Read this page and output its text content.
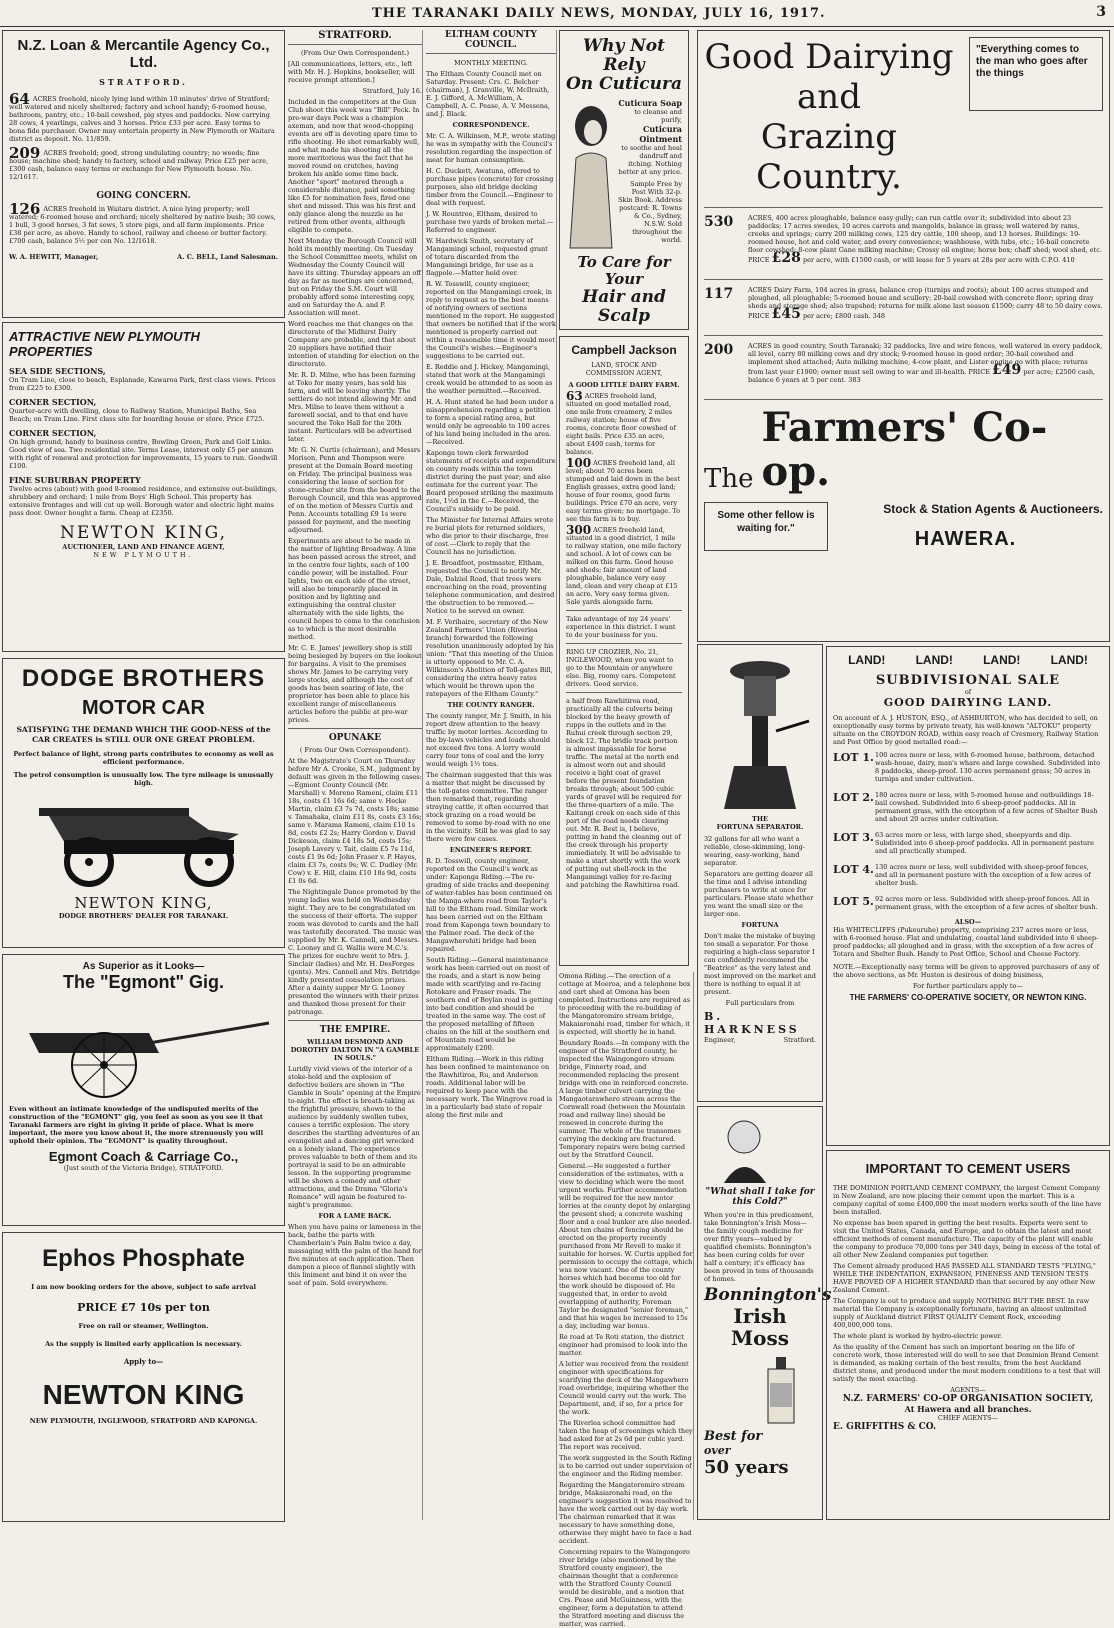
THE TARANAKI DAILY NEWS, MONDAY, JULY 16, 1917.	3
N.Z. Loan & Mercantile Agency Co., Ltd.
STRATFORD.

64 ACRES freehold, nicely lying land within 10 minutes' drive of Stratford; well watered and nicely sheltered; factory and school handy; 6-roomed house, bathroom, pantry, etc.; 10-bail cowshed, pig styes and paddocks. Now carrying 28 cows, 4 yearlings, calves and 3 horses. Price £33 per acre. Easy terms to bona fide purchaser. Owner may entertain property in New Plymouth or Waitara district as deposit. No. 11/859.

209 ACRES freehold; good, strong undulating country; no weeds; fine house; machine shed; handy to factory, school and railway. Price £25 per acre, £300 cash, balance easy terms or exchange for New Plymouth house. No. 12/1617.

GOING CONCERN.

126 ACRES freehold in Waitara district. A nice lying property; well watered; 6-roomed house and orchard; nicely sheltered by native bush; 30 cows, 1 bull, 3 good horses, 3 fat sows, 5 store pigs, and all farm implements. Price £38 per acre, as above. Handy to school, railway and cheese or butter factory. £700 cash, balance 5½ per cen No. 12/1618.

W. A. HEWITT, Manager,	A. C. BELL, Land Salesman.
ATTRACTIVE NEW PLYMOUTH PROPERTIES
SEA SIDE SECTIONS,

On Tram Line, close to beach, Esplanade, Kawaroa Park, first class views. Prices from £225 to £300.

CORNER SECTION,

Quarter-acre with dwelling, close to Railway Station, Municipal Baths, Sea Beach; on Tram Line. First class site for boarding house or store. Price £725.

CORNER SECTION,

On high ground, handy to business centre, Bowling Green, Park and Golf Links. Good view of sea. Two residential site. Terms Lease, interest only £5 per annum with right of renewal and protection for improvements, 15 years to run. Goodwill £100.

FINE SUBURBAN PROPERTY

Twelve acres (about) with good 8-roomed residence, and extensive out-buildings, shrubbery and orchard; 1 mile from Boys' High School. This property has extensive frontages and will cut up well. Borough water and electric light mains pass door. Owner bought a farm. Cheap at £2350.

NEWTON KING,
AUCTIONEER, LAND AND FINANCE AGENT,
NEW PLYMOUTH.
DODGE BROTHERS
MOTOR CAR

SATISFYING THE DEMAND WHICH THE GOOD-NESS of the CAR CREATES is STILL OUR ONE GREAT PROBLEM.

Perfect balance of light, strong parts contributes to economy as well as efficient performance.

The petrol consumption is unusually low. The tyre mileage is unusually high.

NEWTON KING,
DODGE BROTHERS' DEALER FOR TARANAKI.
As Superior as it Looks—
The "Egmont" Gig.

Even without an intimate knowledge of the undisputed merits of the construction of the "EGMONT" gig, you feel as soon as you see it that Taranaki farmers are right in giving it pride of place. What is more important, the more you know about it, the more strenuously you will uphold their opinion. The "EGMONT" is quality throughout.

Egmont Coach & Carriage Co.,
(Just south of the Victoria Bridge), STRATFORD.
Ephos Phosphate

I am now booking orders for the above, subject to safe arrival

PRICE £7 10s per ton

Free on rail or steamer, Wellington.

As the supply is limited early application is necessary.

Apply to—

NEWTON KING
NEW PLYMOUTH, INGLEWOOD, STRATFORD AND KAPONGA.
STRATFORD.

(From Our Own Correspondent.)

[All communications, letters, etc., left with Mr. H. J. Hopkins, bookseller, will receive prompt attention.]

Stratford, July 16.

Included in the competitors at the Gun Club shoot this week was "Bill" Peck. In pre-war days Peck was a champion axeman, and now that wood-chopping events are off is devoting spare time to rifle shooting. He shot remarkably well, and what made his shooting all the more meritorious was the fact that he moved round on crutches, having broken his ankle some time back. Another "sport" motored through a considerable distance, paid something like £5 for nomination fees, fired one shot and missed. This was his first and only glance along the muzzle as he retired from other events, although eligible to compete.

Next Monday the Borough Council will hold its monthly meeting. On Tuesday the School Committee meets, whilst on Wednesday the County Council will have its sitting. Thursday appears an off day as far as meetings are concerned, but on Friday the S.M. Court will probably afford some interesting copy, and on Saturday the A. and P. Association will meet.

Word reaches me that changes on the directorate of the Midhirst Dairy Company are probable, and that about 20 suppliers have notified their intention of standing for election on the directorate.

Mr. R. D. Milne, who has been farming at Toko for many years, has sold his farm, and will be leaving shortly. The settlers do not intend allowing Mr. and Mrs. Milne to leave them without a farewell social, and to that end have secured the Toko Hall for the 20th instant. Particulars will be advertised later.

Mr. G. N. Curtis (chairman), and Messrs Morison, Penn and Thompson were present at the Domain Board meeting on Friday. The principal business was considering the lease of section for stone-crusher site from the board to the Borough Council, and this was approved of on the motion of Messrs Curtis and Penn. Accounts totalling £9 1s were passed for payment, and the meeting adjourned.

Experiments are about to be made in the matter of lighting Broadway. A line has been passed across the street, and in the centre four lights, each of 100 candle power, will be installed. Four lights, two on each side of the street, will also be temporarily placed in position and by lighting and extinguishing the central cluster alternately with the side lights, the council hopes to come to the conclusion as to which is the most desirable method.

Mr. C. E. James' jewellery shop is still being besieged by buyers on the lookout for bargains. A visit to the premises shows Mr. James to be carrying very large stocks, and although the cost of goods has been soaring of late, the proprietor has been able to place his excellent range of miscellaneous articles before the public at pre-war prices.

OPUNAKE

( From Our Own Correspondent).

At the Magistrate's Court on Thursday before Mr A. Crooke, S.M., judgment by default was given in the following cases:—Egmont County Council (Mr. Marshall) v. Moreno Rameni, claim £11 18s, costs £1 16s 6d; same v. Hecke Martin, claim £3 7s 7d, costs 18s; same v. Tamahaka, claim £11 8s, costs £3 16s; same v. Marama Rameni, claim £10 1s 8d, costs £2 2s; Harry Gordon v. David Dickeson, claim £4 18s 5d, costs 15s; Joseph Lavery v. Tait, claim £5 7s 11d, costs £1 9s 6d; John Fraser v. P. Hayes, claim £3 7s, costs 9s; W. C. Dudley (Mr. Cow) v. E. Hill, claim £10 18s 9d, costs £1 0s 6d.

The Nightingale Dance promoted by the young ladies was held on Wednesday night. They are to be congratulated on the success of their efforts. The supper room was devoted to cards and the hall was tastefully decorated. The music was supplied by Mr. K. Cannell, and Messrs. C. Looney and G. Wallis were M.C.'s. The prizes for euchre went to Mrs. J. Sinclair (ladies) and Mr. H. DesForges (gents). Mrs. Cannell and Mrs. Betridge kindly presented consolation prizes. After a dainty supper Mr G. Looney presented the winners with their prizes and thanked those present for their patronage.

THE EMPIRE.

WILLIAM DESMOND AND DOROTHY DALTON IN "A GAMBLE IN SOULS."

Luridly vivid views of the interior of a stoke-hold and the explosion of defective boilers are shown in "The Gamble in Souls" opening at the Empire to-night. The effect is breath-taking as the frightful pressure, shown to the audience by suddenly swollen tubes, causes a terrific explosion. The story describes the startling adventures of an evangelist and a dancing girl wrecked on a lonely island. The experience proves valuable to both of them and its portrayal is said to be an admirable lesson. In the supporting programme will be shown a comedy and other attractions, and the Drama "Gloria's Romance" will again be featured to-night's programme.

FOR A LAME BACK.

When you have pains or lameness in the back, bathe the parts with Chamberlain's Pain Balm twice a day, massaging with the palm of the hand for five minutes at each application. Then dampen a piece of flannel slightly with this liniment and bind it on over the seat of pain. Sold everywhere.

ELTHAM COUNTY COUNCIL.

MONTHLY MEETING.

The Eltham County Council met on Saturday. Present: Crs. C. Belcher (chairman), J. Granville, W. McIlraith, E. J. Gifford, A. McWilliam, A. Campbell, A. C. Pease, A. V. Messena, and J. Black.

CORRESPONDENCE.

Mr. C. A. Wilkinson, M.P., wrote stating he was in sympathy with the Council's resolution regarding the inspection of meat for human consumption.

H. C. Duckett, Awatuna, offered to purchase pipes (concrete) for crossing purposes, also old bridge decking timber from the Council.—Engineer to deal with request.

J. W. Rountree, Eltham, desired to purchase two yards of broken metal.—Referred to engineer.

W. Hardwick Smith, secretary of Mangamingi school, requested grant of totara discarded from the Mangamingi bridge, for use as a flagpole.—Matter held over.

R. W. Tosswill, county engineer, reported on the Mangamingi creek, in reply to request as to the best means of notifying owners of sections mentioned in the report. He suggested that owners be notified that if the work mentioned is properly carried out within a reasonable time it would meet the Council's wishes.—Engineer's suggestions to be carried out.

E. Reddie and J. Hickey, Mangamingi, stated that work at the Mangamingi creek would be attended to as soon as the weather permitted.—Received.

H. A. Hunt stated he had been under a misapprehension regarding a petition to form a special rating area, but would only be agreeable to 100 acres of his land being included in the area.—Received.

Kaponga town clerk forwarded statements of receipts and expenditure on county roads within the town district during the past year; and also estimate for the current year. The Board proposed striking the maximum rate, 1½d in the £.—Received, the Council's subsidy to be paid.

The Minister for Internal Affairs wrote re burial plots for returned soldiers, who die prior to their discharge, free of cost.—Clerk to reply that the Council has no jurisdiction.

J. E. Broadfoot, postmaster, Eltham, requested the Council to notify Mr. Dale, Dalziel Road, that trees were encroaching on the road, preventing telephone communication, and desired the obstruction to be removed.—Notice to be served on owner.

M. F. Verihaire, secretary of the New Zealand Farmers' Union (Riverlea branch) forwarded the following resolution unanimously adopted by his union: "That this meeting of the Union is utterly opposed to Mr. C. A. Wilkinson's Abolition of Toll-gates Bill, considering the extra heavy rates which would be thrown upon the ratepayers of the Eltham County."

THE COUNTY RANGER.

The county ranger, Mr. J. Smith, in his report drew attention to the heavy traffic by motor lorries. According to the by-laws vehicles and loads should not exceed five tons. A lorry would carry four tons of coal and the lorry would weigh 1½ tons.

The chairman suggested that this was a matter that might be discussed by the toll-gates committee. The ranger then remarked that, regarding straying cattle, it often occurred that stock grazing on a road would be removed to some by-road with no one in the vicinity. Still he was glad to say there were few cases.

ENGINEER'S REPORT.

R. D. Tosswill, county engineer, reported on the Council's work as under: Kaponga Riding.—The re-grading of side tracks and deepening of water-tables has been continued on the Manga-whero road from Taylor's hill to the Eltham road. Similar work has been carried out on the Eltham road from Kaponga town boundary to the Palmer road. The deck of the Mangawherohiti bridge had been repaired.

South Riding.—General maintenance work has been carried out on most of the roads, and a start is now being made with scarifying and re-facing Rotokare and Fraser roads. The southern end of Boylan road is getting into bad condition and should be treated in the same way. The cost of the proposed metalling of fifteen chains on the hill at the southern end of Mountain road would be approximately £200.

Eltham Riding.—Work in this riding has been confined to maintenance on the Rawhitiroa, Ru, and Anderson roads. Additional labor will be required to keep pace with the necessary work. The Wingrove road is in a particularly bad state of repair along the first mile and

Why Not Rely
On Cuticura
Cuticura Soap
to cleanse and purify,
Cuticura Ointment
to soothe and heal dandruff and itching. Nothing better at any price.
Sample Free by Post With 32-p. Skin Book. Address postcard: R. Towns & Co., Sydney, N.S.W. Sold throughout the world.
To Care for Your
Hair and Scalp
Campbell Jackson

LAND, STOCK AND COMMISSION AGENT,

A GOOD LITTLE DAIRY FARM.

63 ACRES freehold land, situated on good metalled road, one mile from creamery, 2 miles railway station; house of five rooms, concrete floor cowshed of eight bails. Price £35 an acre, about £400 cash, terms for balance.

100 ACRES freehold land, all level; about 70 acres been stumped and laid down in the best English grasses, extra good land; house of four rooms, good farm buildings. Price £70 an acre, very easy terms given; no mortgage. To see this farm is to buy.

300 ACRES freehold land, situated in a good district, 1 mile to railway station, one mile factory and school. A lot of cows can be milked on this farm. Good house and sheds; fair amount of land ploughable, balance very easy land, clean and very cheap at £15 an acre. Very easy terms given. Sale yards alongside farm.

Take advantage of my 24 years' experience in this district. I want to do your business for you.

RING UP CROZIER, No. 21, INGLEWOOD, when you want to go to the Mountain or anywhere else. Big, roomy cars. Competent drivers. Good service.

a half from Rawhitiroa road, practically all the culverts being blocked by the heavy growth of rupps in the outlets and in the Ruhui creek through section 29, block 12. The bridle track portion is almost impassable for horse traffic. The metal at the north end is almost worn out and should receive a light coat of gravel before the present foundation breaks through; about 500 cubic yards of gravel will be required for the three-quarters of a mile. The Kaitangi creek on each side of this part of the road needs clearing out. Mr. R. Best is, I believe, putting in hand the cleaning out of the creek through his property immediately. It will be advisable to make a start shortly with the work of putting out shell-rock in the Mangamingi valley for re-facing and patching the Rawhitiroa road.

Omona Riding.—The erection of a cottage at Moeroa, and a telephone box and cart shed at Omona has been completed. Instructions are required as to proceeding with the re-building of the Mangatoromiro stream bridge, Makaiaronahi road, timber for which, it is expected, will shortly be in hand.

Boundary Roads.—In company with the engineer of the Stratford county, he inspected the Waingongoro stream bridge, Finnerty road, and recommended replacing the present bridge with one in reinforced concrete. A large timber culvert carrying the Mangaotarawhero stream across the Cornwall road (between the Mountain road and railway line) should be renewed in concrete during the summer. The whole of the transomes carrying the decking are fractured. Temporary repairs were being carried out by the Stratford Council.

General.—He suggested a further consideration of the estimates, with a view to deciding which were the most urgent works. Further accommodation will be required for the new motor lorries at the county depot by enlarging the present shed; a concrete washing floor and a coal bunker are also needed. About ten chains of fencing should be erected on the property recently purchased from Mr Revell to make it suitable for horses. W. Curtis applied for permission to occupy the cottage, which was now vacant. One of the county horses which had become too old for the work should be disposed of. He suggested that, in order to avoid overlapping of authority, Foreman Taylor be designated "senior foreman," and that his wages be increased to 15s a day, including war bonus.

Re road at Te Roti station, the district engineer had promised to look into the matter.

A letter was received from the resident engineer with specifications for scarifying the deck of the Mangawhero road overbridge, inquiring whether the Council would carry out the work. The Department, and, if so, for a price for the work.

The Riverlea school committee had taken the heap of screenings which they had asked for at 2s 6d per cubic yard. The report was received.

The work suggested in the South Riding is to be carried out under supervision of the engineer and the Riding member.

Regarding the Mangatoromiro stream bridge, Makaiaronahi road, on the engineer's suggestion it was resolved to have the work carried out by day work. The chairman remarked that it was necessary to have something done, otherwise they might have to face a bad accident.

Concerning repairs to the Waingongoro river bridge (also mentioned by the Stratford county engineer), the chairman thought that a conference with the Stratford County Council would be desirable, and a motion that Crs. Pease and McGuinness, with the engineer, form a deputation to attend the Stratford meeting and discuss the matter, was carried.

THE
FORTUNA SEPARATOR.

32 gallons for all who want a reliable, close-skimming, long-wearing, easy-working, hand separator.

Separators are getting dearer all the time and I advise intending purchasers to write at once for particulars. Please state whether you want the small size or the larger one.

FORTUNA

Don't make the mistake of buying too small a separator. For those requiring a high-class separator I can confidently recommend the "Beatrice" as the very latest and most improved on the market and there is nothing to equal it at present.

Full particulars from

B. HARKNESS
Engineer,	Stratford.
"What shall I take for this Cold?"

When you're in this predicament, take Bonnington's Irish Moss—the family cough medicine for over fifty years—valued by qualified chemists. Bonnington's has been curing colds for over half a century; it's efficacy has been proved in tens of thousands of homes.

Bonnington's
Irish Moss
Best for
over
50 years
Good Dairying
and
Grazing Country.
"Everything comes to the man who goes after the things
530	ACRES, 400 acres ploughable, balance easy gully; can run cattle over it; subdivided into about 23 paddocks; 17 acres swedes, 10 acres carrots and mangolds, balance in grass; well watered by rams, creeks and springs; carry 200 milking cows, 125 dry cattle, 100 sheep, and 13 horses. Buildings: 10-roomed house, hot and cold water, and every convenience; washhouse, with tubs, etc.; 16-bail concrete floor cowshed; 8-cow plant Gane milking machine; Crossy oil engine; horse box; chaff shed; wool shed, etc. PRICE £28 per acre, with £1500 cash, or will lease for 5 years at 28s per acre with C.P.O. 410

117	ACRES Dairy Farm, 104 acres in grass, balance crop (turnips and roots); about 100 acres stumped and ploughed, all ploughable; 5-roomed house and scullery; 20-bail cowshed with concrete floor; spring dray sheds and storage shed; also trapshed; returns for milk alone last season £1500; carry 48 to 50 dairy cows. PRICE £45 per acre; £800 cash. 348

200	ACRES in good country, South Taranaki; 32 paddocks, live and wire fences, well watered in every paddock, all level, carry 80 milking cows and dry stock; 9-roomed house in good order; 30-bail cowshed and implement shed attached; Auto milking machine, 4-cow plant, and Lister engine go with place; returns from last year £1900; owner must sell owing to war and ill-health. PRICE £49 per acre; £2500 cash, balance 6 years at 5 per cent. 383

The
Farmers' Co-op.
Some other fellow is waiting for."
Stock & Station Agents & Auctioneers.
HAWERA.
LAND!	LAND!	LAND!	LAND!
SUBDIVISIONAL SALE
of
GOOD DAIRYING LAND.

On account of A. J. HUSTON, ESQ., of ASHBURTON, who has decided to sell, on exceptionally easy terms by private treaty, his well-known "ALTOKU" property situate on the CROYDON ROAD, within easy reach of Cresmery, Railway Station and Post Office by good metalled road:—

LOT 1. 100 acres more or less, with 6-roomed house, bathroom, detached wash-house, dairy, man's whare and large cowshed. Subdivided into 8 paddocks, sheep-proof. 130 acres permanent grass; 50 acres in turnips and under cultivation.

LOT 2. 180 acres more or less, with 5-roomed house and outbuildings 18-bail cowshed. Subdivided into 6 sheep-proof paddocks. All in permanent grass, with the exception of a few acres of Shelter Bush and about 20 acres under cultivation.

LOT 3. 63 acres more or less, with large shed, sheepyards and dip. Subdivided into 6 sheep-proof paddocks. All in permanent pasture and all practically stumped.

LOT 4. 130 acres more or less, well subdivided with sheep-proof fences, and all in permanent pasture with the exception of a few acres of shelter bush.

LOT 5. 92 acres more or less. Subdivided with sheep-proof fences. All in permanent grass, with the exception of a few acres of shelter bush.

ALSO—

His WHITECLIFFS (Pukeuruhe) property, comprising 237 acres more or less, with 6-roomed house. Flat and undulating, coastal land subdivided into 6 sheep-proof paddocks; all ploughed and in grass, with the exception of a few acres of Totara and Shelter Bush. Handy to Post Office, School and Cheese Factory.

NOTE.—Exceptionally easy terms will be given to approved purchasers of any of the above sections, as Mr. Huston is desirous of doing business,

For further particulars apply to—

THE FARMERS' CO-OPERATIVE SOCIETY, OR NEWTON KING.
IMPORTANT TO CEMENT USERS

THE DOMINION PORTLAND CEMENT COMPANY, the largest Cement Company in New Zealand, are now placing their cement upon the market. This is a company capital of some £400,000 the most modern works south of the line have been installed.

No expense has been spared in getting the best results. Experts were sent to visit the United States, Canada, and Europe, and to obtain the latest and most efficient methods of cement manufacture. The capacity of the plant will enable the company to produce 70,000 tons per 340 days, being in excess of the total of all other New Zealand companies put together.

The Cement already produced HAS PASSED ALL STANDARD TESTS "FLYING," WHILE THE INDENTATION, EXPANSION, FINENESS AND TENSION TESTS HAVE PROVED OF A HIGHER STANDARD than that secured by any other New Zealand Cement.

The Company is out to produce and supply NOTHING BUT THE BEST. In raw material the Company is exceptionally fortunate, having an almost unlimited supply of Auckland district FIRST QUALITY Cement Rock, exceeding 400,000,000 tons.

The whole plant is worked by hydro-electric power.

As the quality of the Cement has such an important bearing on the life of concrete work, those interested will do well to see that Dominion Brand Cement is demanded, as making certain of the best results, from the best Auckland district stone, and produced under the most modern conditions to a test that will satisfy the most exacting.

AGENTS—
N.Z. FARMERS' CO-OP ORGANISATION SOCIETY,
At Hawera and all branches.
CHIEF AGENTS—
E. GRIFFITHS & CO.
